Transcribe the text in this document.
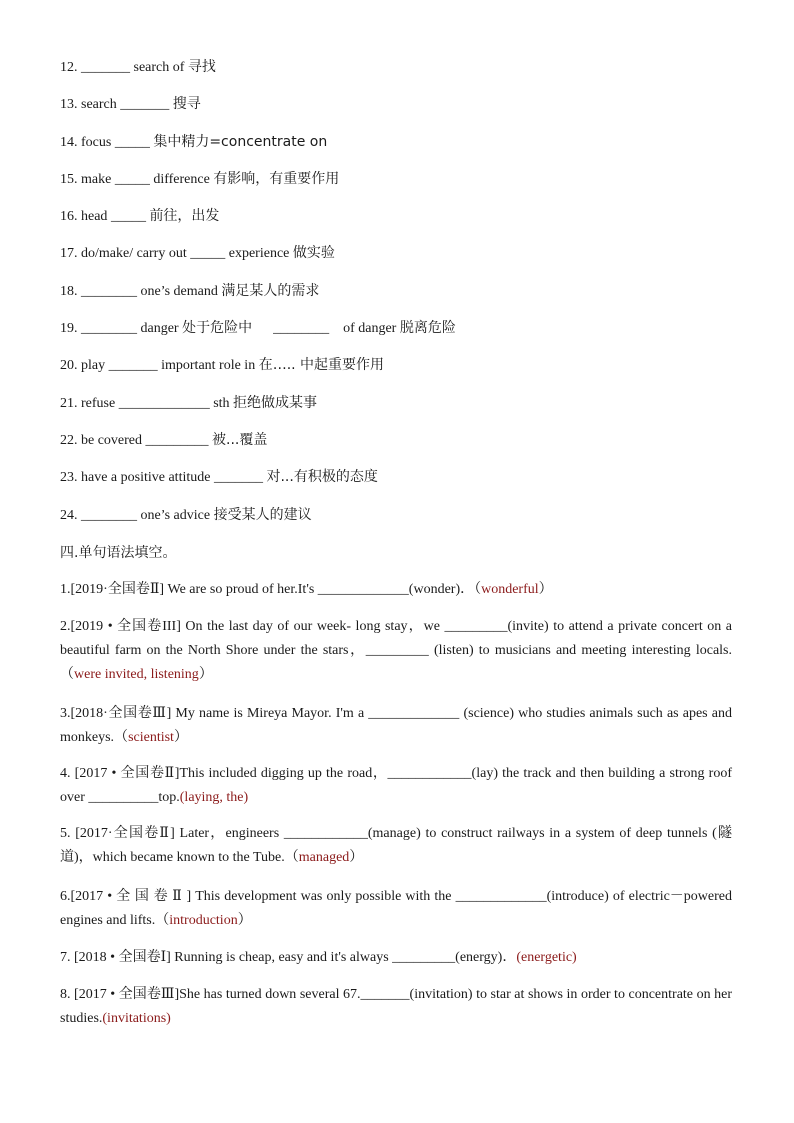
12. _______ search of 寻找
13. search _______ 搜寻
14. focus _____ 集中精力=concentrate on
15. make _____ difference 有影响，有重要作用
16. head _____ 前往，出发
17. do/make/ carry out _____ experience 做实验
18. ________ one’s demand 满足某人的需求
19. ________ danger 处于危险中 ________ of danger 脱离危险
20. play _______ important role in 在….. 中起重要作用
21. refuse _____________ sth 拒绝做成某事
22. be covered _________ 被...覆盖
23. have a positive attitude _______ 对...有积极的态度
24. ________ one’s advice 接受某人的建议
四.单句语法填空。
1.[2019·全国卷Ⅱ] We are so proud of her.It's _____________(wonder)．（wonderful）
2.[2019 • 全国卷III] On the last day of our week- long stay，we _________(invite) to attend a private concert on a beautiful farm on the North Shore under the stars，_________ (listen) to musicians and meeting interesting locals.（were invited, listening）
3.[2018·全国卷Ⅲ] My name is Mireya Mayor. I'm a _____________ (science) who studies animals such as apes and monkeys.（scientist）
4. [2017 • 全国卷Ⅱ]This included digging up the road，____________(lay) the track and then building a strong roof over __________top.(laying, the)
5. [2017·全国卷Ⅱ] Later，engineers ____________(manage) to construct railways in a system of deep tunnels (隧道)，which became known to the Tube.（managed）
6.[2017 • 全 国 卷 Ⅱ ] This development was only possible with the _____________(introduce) of electric－powered engines and lifts.（introduction）
7. [2018 • 全国卷Ⅰ] Running is cheap, easy and it's always _________(energy)．(energetic)
8. [2017 • 全国卷Ⅲ]She has turned down several 67._______(invitation) to star at shows in order to concentrate on her studies.(invitations)
